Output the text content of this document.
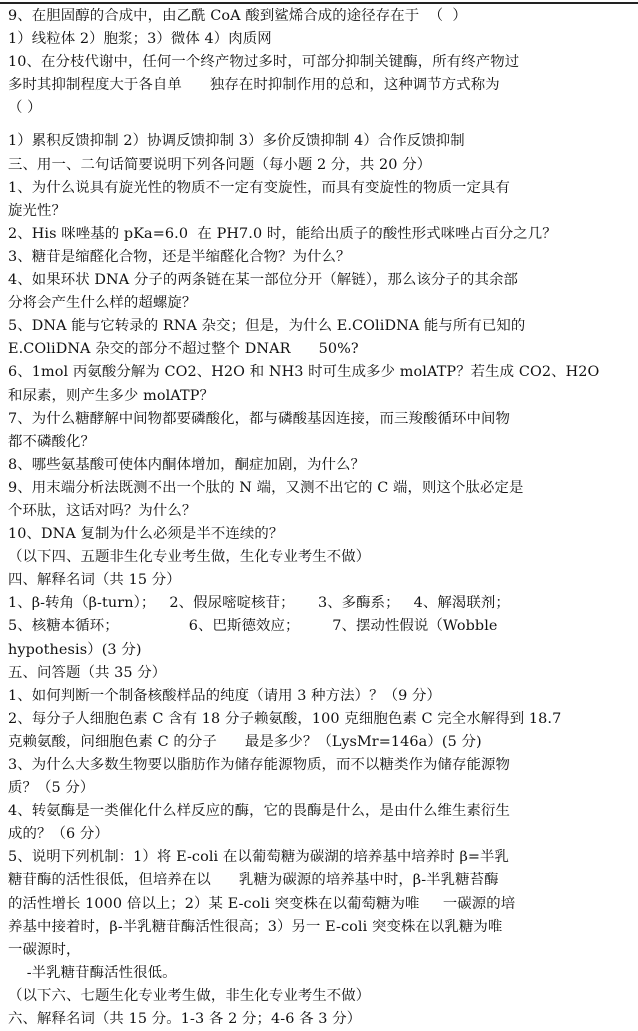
9、在胆固醇的合成中，由乙酰 CoA 酸到鲨烯合成的途径存在于  （  ）
1）线粒体 2）胞浆；3）微体 4）肉质网
10、在分枝代谢中，任何一个终产物过多时，可部分抑制关键酶，所有终产物过
多时其抑制程度大于各自单      独存在时抑制作用的总和，这种调节方式称为
（ ）
1）累积反馈抑制 2）协调反馈抑制 3）多价反馈抑制 4）合作反馈抑制
三、用一、二句话简要说明下列各问题（每小题 2 分，共 20 分）
1、为什么说具有旋光性的物质不一定有变旋性，而具有变旋性的物质一定具有
旋光性？
2、His 咪唑基的 pKa=6.0  在 PH7.0 时，能给出质子的酸性形式咪唑占百分之几？
3、糖苷是缩醛化合物，还是半缩醛化合物？为什么？
4、如果环状 DNA 分子的两条链在某一部位分开（解链），那么该分子的其余部
分将会产生什么样的超螺旋？
5、DNA 能与它转录的 RNA 杂交；但是，为什么 E.COliDNA 能与所有已知的
E.COliDNA 杂交的部分不超过整个 DNAR      50%?
6、1mol 丙氨酸分解为 CO2、H2O 和 NH3 时可生成多少 molATP？若生成 CO2、H2O
和尿素，则产生多少 molATP？
7、为什么糖酵解中间物都要磷酸化，都与磷酸基因连接，而三羧酸循环中间物
都不磷酸化？
8、哪些氨基酸可使体内酮体增加，酮症加剧，为什么？
9、用末端分析法既测不出一个肽的 N 端，又测不出它的 C 端，则这个肽必定是
个环肽，这话对吗？为什么？
10、DNA 复制为什么必须是半不连续的？
（以下四、五题非生化专业考生做，生化专业考生不做）
四、解释名词（共 15 分）
1、β-转角（β-turn）；   2、假尿嘧啶核苷；     3、多酶系；   4、解渴联剂；
5、核糖本循环；               6、巴斯德效应；       7、摆动性假说（Wobble
hypothesis）(3 分)
五、问答题（共 35 分）
1、如何判断一个制备核酸样品的纯度（请用 3 种方法）？（9 分）
2、每分子人细胞色素 C 含有 18 分子赖氨酸，100 克细胞色素 C 完全水解得到 18.7
克赖氨酸，问细胞色素 C 的分子      最是多少？（LysMr=146a）(5 分)
3、为什么大多数生物要以脂肪作为储存能源物质，而不以糖类作为储存能源物
质？（5 分）
4、转氨酶是一类催化什么样反应的酶，它的畏酶是什么，是由什么维生素衍生
成的？（6 分）
5、说明下列机制：1）将 E-coli 在以葡萄糖为碳湖的培养基中培养时 β=半乳
糖苷酶的活性很低，但培养在以      乳糖为碳源的培养基中时，β-半乳糖苔酶
的活性增长 1000 倍以上；2）某 E-coli 突变株在以葡萄糖为唯     一碳源的培
养基中接着时，β-半乳糖苷酶活性很高；3）另一 E-coli 突变株在以乳糖为唯
一碳源时，
-半乳糖苷酶活性很低。
（以下六、七题生化专业考生做，非生化专业考生不做）
六、解释名词（共 15 分。1-3 各 2 分；4-6 各 3 分）
